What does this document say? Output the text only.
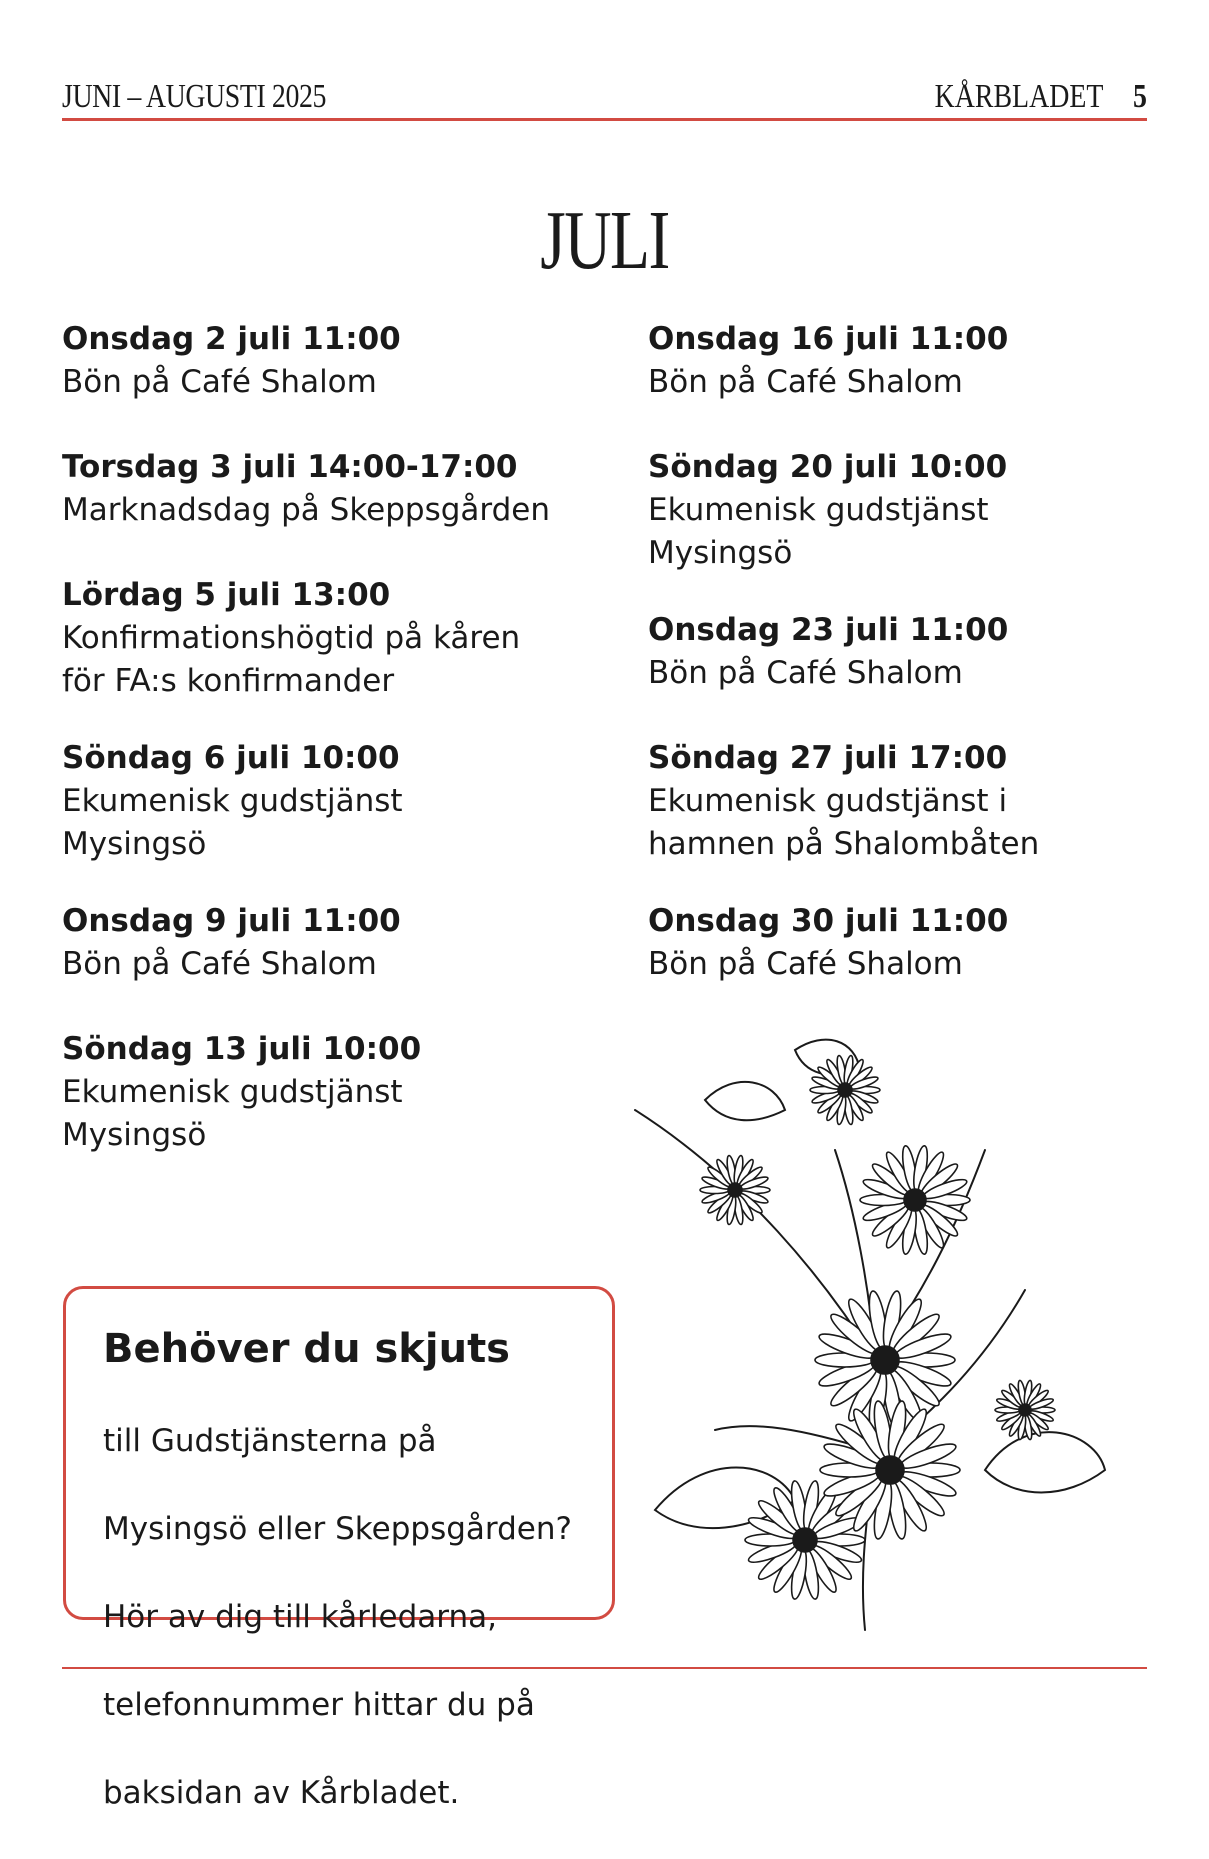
JUNI – AUGUSTI 2025	KÅRBLADET 5
JULI
Onsdag 2 juli 11:00
Bön på Café Shalom
Torsdag 3 juli 14:00-17:00
Marknadsdag på Skeppsgården
Lördag 5 juli 13:00
Konfirmationshögtid på kåren
för FA:s konfirmander
Söndag 6 juli 10:00
Ekumenisk gudstjänst
Mysingsö
Onsdag 9 juli 11:00
Bön på Café Shalom
Söndag 13 juli 10:00
Ekumenisk gudstjänst
Mysingsö
Onsdag 16 juli 11:00
Bön på Café Shalom
Söndag 20 juli 10:00
Ekumenisk gudstjänst
Mysingsö
Onsdag 23 juli 11:00
Bön på Café Shalom
Söndag 27 juli 17:00
Ekumenisk gudstjänst i
hamnen på Shalombåten
Onsdag 30 juli 11:00
Bön på Café Shalom
Behöver du skjuts

till Gudstjänsterna på

Mysingsö eller Skeppsgården?

Hör av dig till kårledarna,

telefonnummer hittar du på

baksidan av Kårbladet.
